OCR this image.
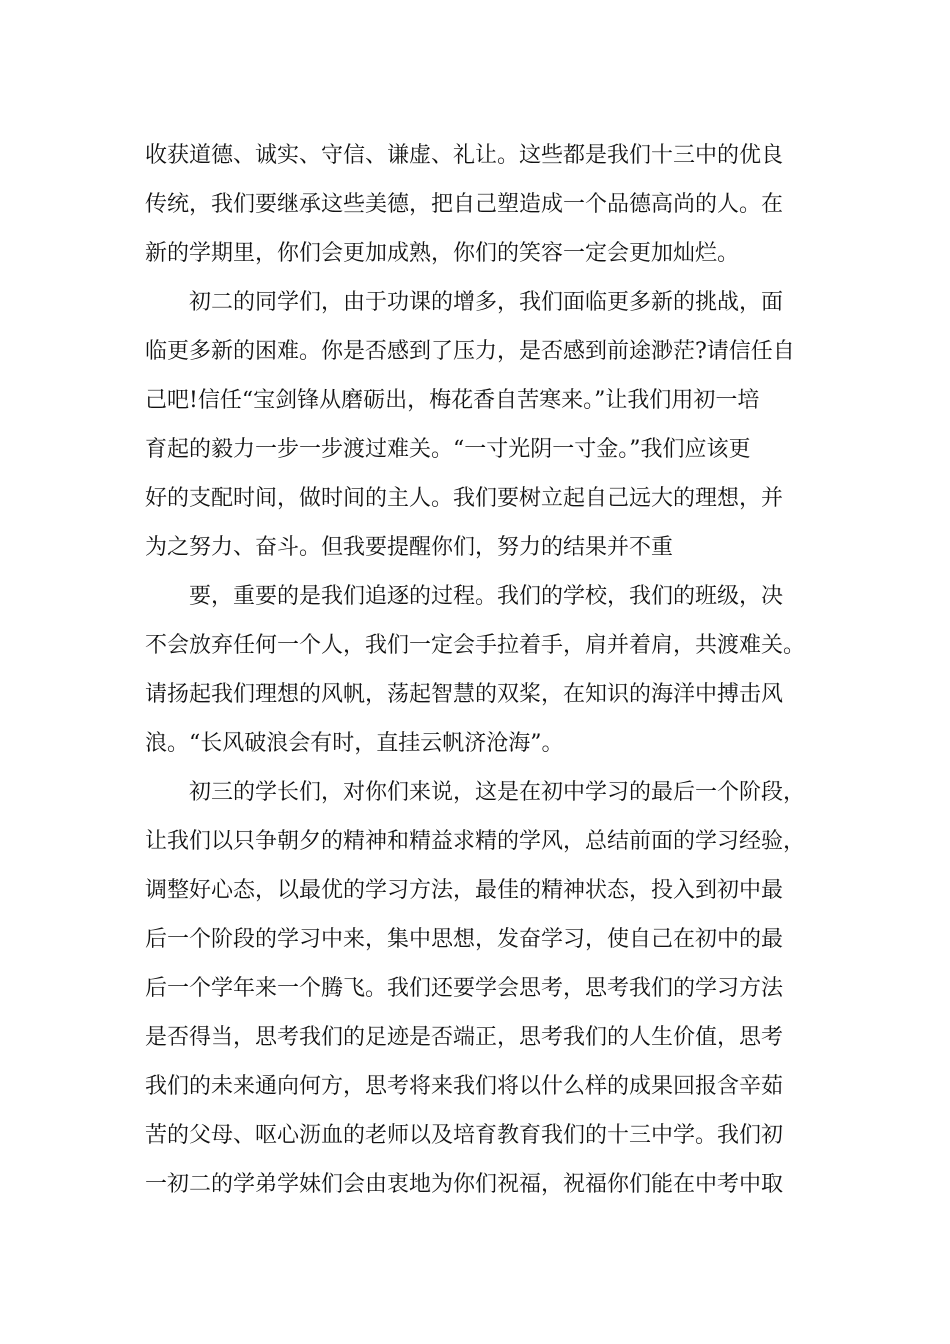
收获道德、诚实、守信、谦虚、礼让。这些都是我们十三中的优良
传统，我们要继承这些美德，把自己塑造成一个品德高尚的人。在
新的学期里，你们会更加成熟，你们的笑容一定会更加灿烂。
初二的同学们，由于功课的增多，我们面临更多新的挑战，面
临更多新的困难。你是否感到了压力，是否感到前途渺茫?请信任自
己吧!信任“宝剑锋从磨砺出，梅花香自苦寒来。”让我们用初一培
育起的毅力一步一步渡过难关。“一寸光阴一寸金。”我们应该更
好的支配时间，做时间的主人。我们要树立起自己远大的理想，并
为之努力、奋斗。但我要提醒你们，努力的结果并不重
要，重要的是我们追逐的过程。我们的学校，我们的班级，决
不会放弃任何一个人，我们一定会手拉着手，肩并着肩，共渡难关。
请扬起我们理想的风帆，荡起智慧的双桨，在知识的海洋中搏击风
浪。“长风破浪会有时，直挂云帆济沧海”。
初三的学长们，对你们来说，这是在初中学习的最后一个阶段，
让我们以只争朝夕的精神和精益求精的学风，总结前面的学习经验，
调整好心态，以最优的学习方法，最佳的精神状态，投入到初中最
后一个阶段的学习中来，集中思想，发奋学习，使自己在初中的最
后一个学年来一个腾飞。我们还要学会思考，思考我们的学习方法
是否得当，思考我们的足迹是否端正，思考我们的人生价值，思考
我们的未来通向何方，思考将来我们将以什么样的成果回报含辛茹
苦的父母、呕心沥血的老师以及培育教育我们的十三中学。我们初
一初二的学弟学妹们会由衷地为你们祝福，祝福你们能在中考中取
